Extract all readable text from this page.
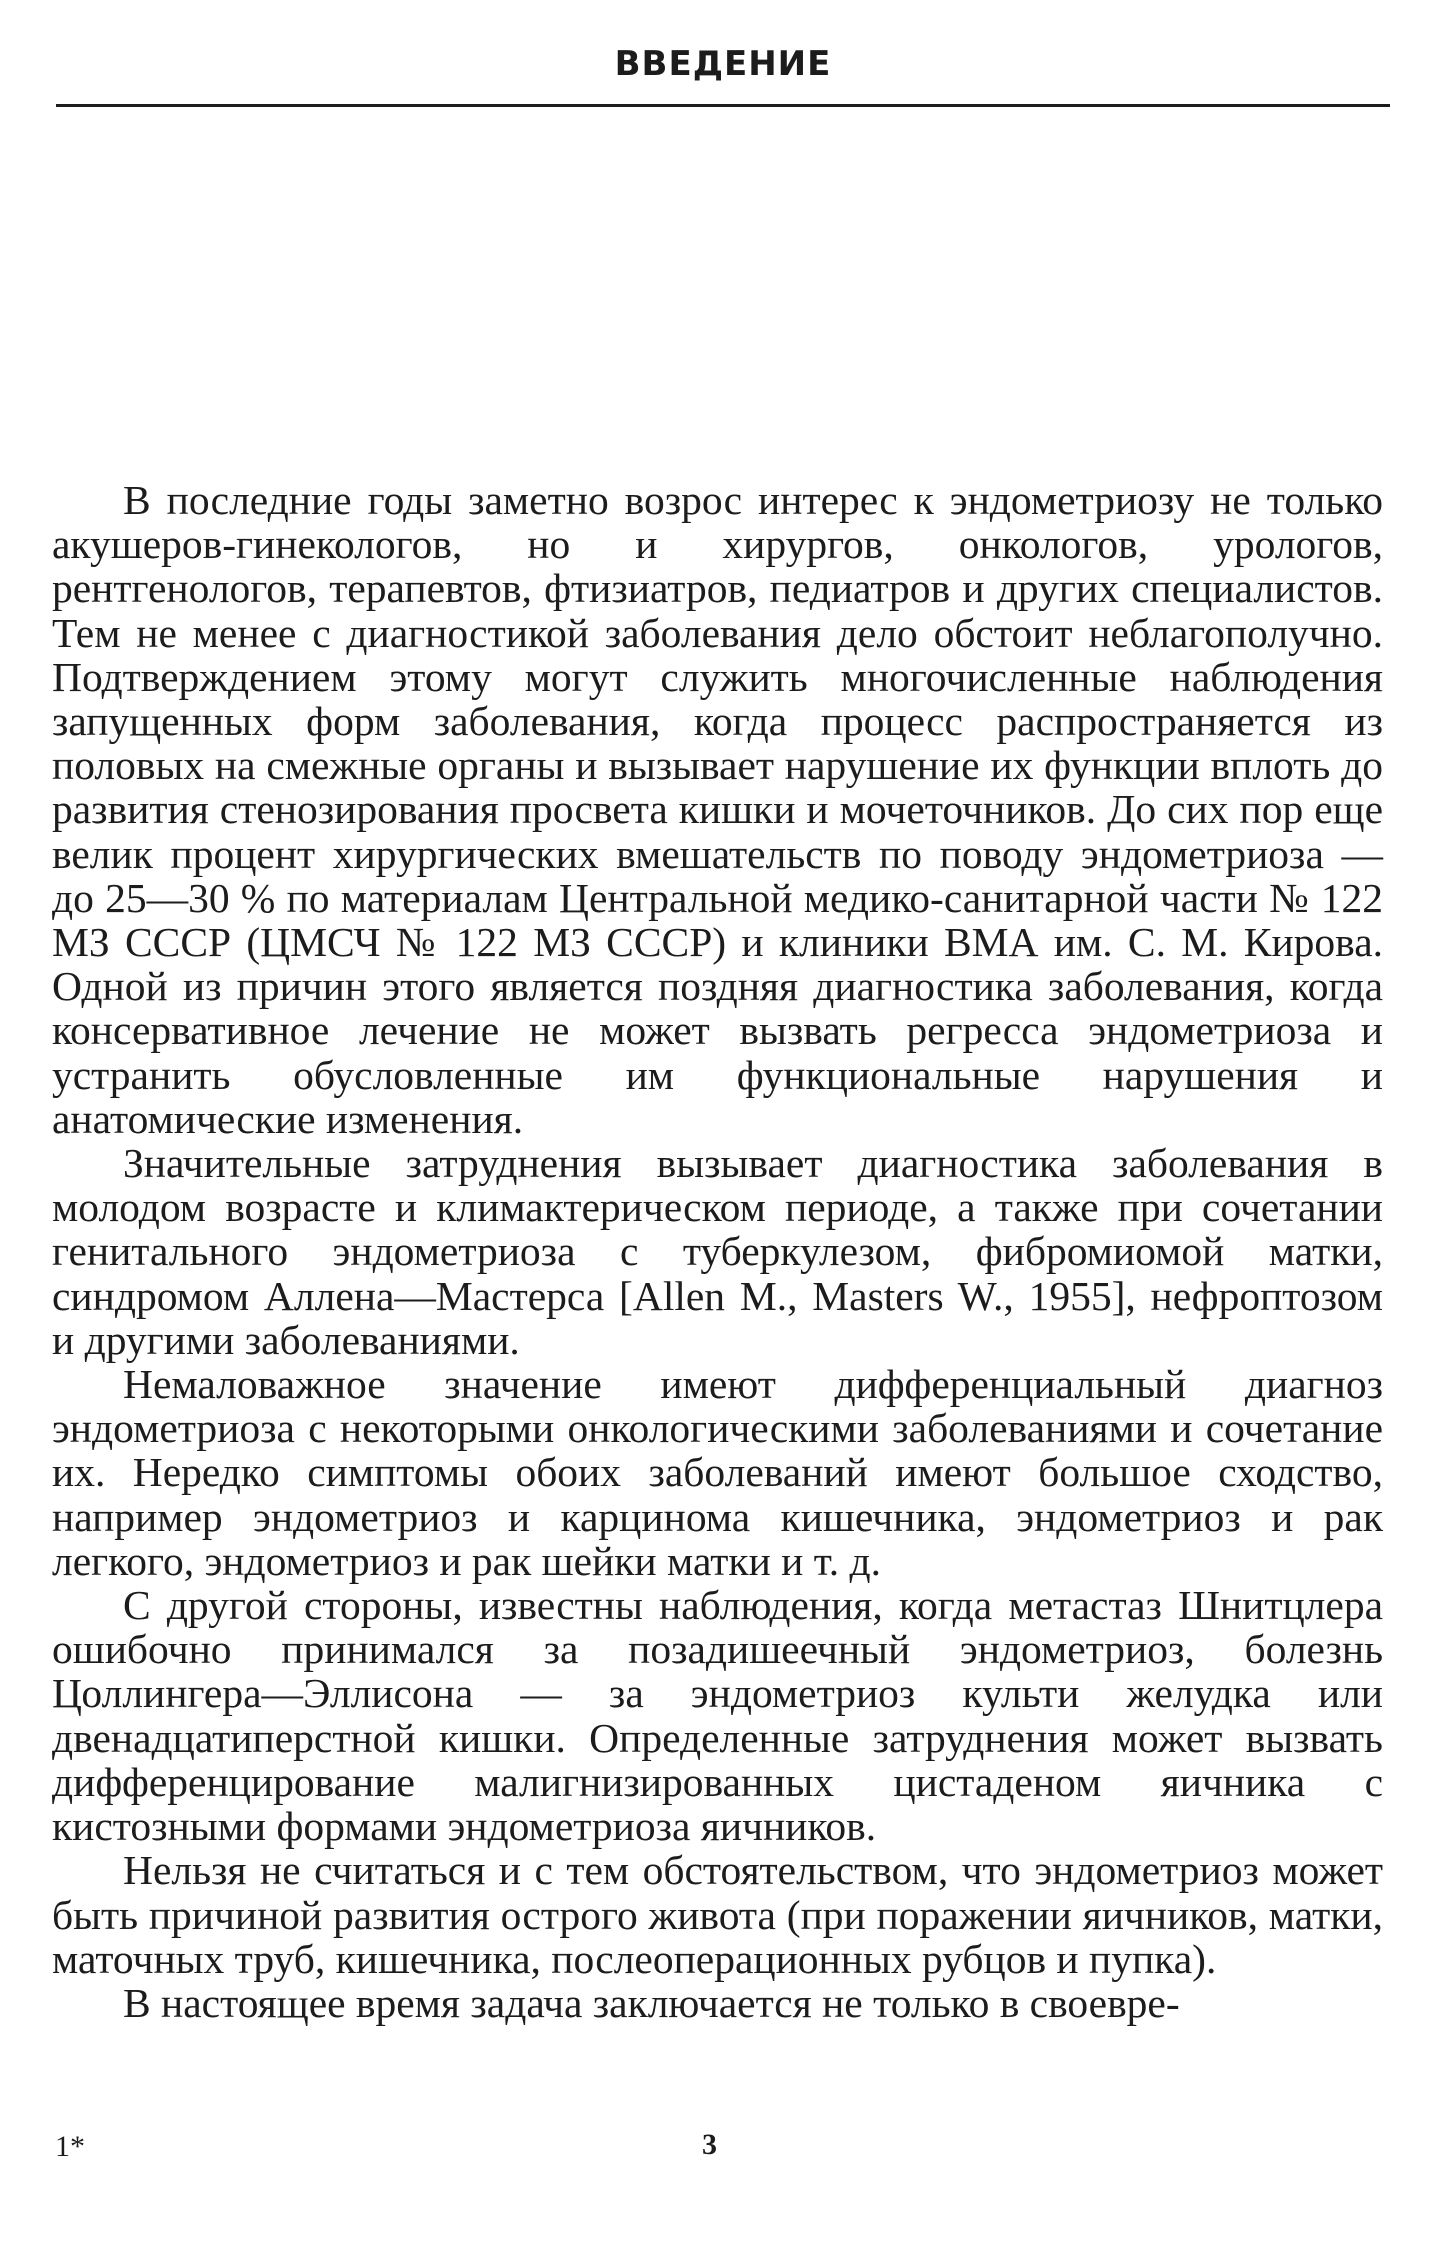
ВВЕДЕНИЕ

В последние годы заметно возрос интерес к эндометриозу не только акушеров-гинекологов, но и хирургов, онкологов, урологов, рентгенологов, терапевтов, фтизиатров, педиатров и других специалистов. Тем не менее с диагностикой заболевания дело обстоит неблагополучно. Подтверждением этому могут служить многочисленные наблюдения запущенных форм заболевания, когда процесс распространяется из половых на смежные органы и вызывает нарушение их функции вплоть до развития стенозирования просвета кишки и мочеточников. До сих пор еще велик процент хирургических вмешательств по поводу эндометриоза — до 25—30 % по материалам Центральной медико-санитарной части № 122 МЗ СССР (ЦМСЧ № 122 МЗ СССР) и клиники ВМА им. С. М. Кирова. Одной из причин этого является поздняя диагностика заболевания, когда консервативное лечение не может вызвать регресса эндометриоза и устранить обусловленные им функциональные нарушения и анатомические изменения.

Значительные затруднения вызывает диагностика заболевания в молодом возрасте и климактерическом периоде, а также при сочетании генитального эндометриоза с туберкулезом, фибромиомой матки, синдромом Аллена—Мастерса [Allen M., Masters W., 1955], нефроптозом и другими заболеваниями.

Немаловажное значение имеют дифференциальный диагноз эндометриоза с некоторыми онкологическими заболеваниями и сочетание их. Нередко симптомы обоих заболеваний имеют большое сходство, например эндометриоз и карцинома кишечника, эндометриоз и рак легкого, эндометриоз и рак шейки матки и т. д.

С другой стороны, известны наблюдения, когда метастаз Шнитцлера ошибочно принимался за позадишеечный эндометриоз, болезнь Цоллингера—Эллисона — за эндометриоз культи желудка или двенадцатиперстной кишки. Определенные затруднения может вызвать дифференцирование малигнизированных цистаденом яичника с кистозными формами эндометриоза яичников.

Нельзя не считаться и с тем обстоятельством, что эндометриоз может быть причиной развития острого живота (при поражении яичников, матки, маточных труб, кишечника, послеоперационных рубцов и пупка).

В настоящее время задача заключается не только в своевре-

1*	3
